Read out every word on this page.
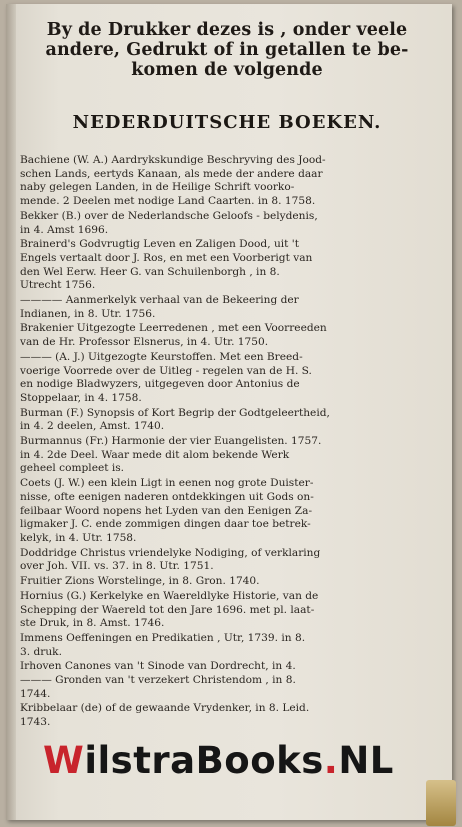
By de Drukker dezes is , onder veele
andere, Gedrukt of in getallen te be-
komen de volgende
NEDERDUITSCHE BOEKEN.
Bachiene (W. A.) Aardrykskundige Beschryving des Jood-
schen Lands, eertyds Kanaan, als mede der andere daar
naby gelegen Landen, in de Heilige Schrift voorko-
mende. 2 Deelen met nodige Land Caarten. in 8. 1758.
Bekker (B.) over de Nederlandsche Geloofs - belydenis,
in 4. Amst 1696.
Brainerd's Godvrugtig Leven en Zaligen Dood, uit 't
Engels vertaalt door J. Ros, en met een Voorberigt van
den Wel Eerw. Heer G. van Schuilenborgh , in 8.
Utrecht 1756.
———— Aanmerkelyk verhaal van de Bekeering der
Indianen, in 8. Utr. 1756.
Brakenier Uitgezogte Leerredenen , met een Voorreeden
van de Hr. Professor Elsnerus, in 4. Utr. 1750.
——— (A. J.) Uitgezogte Keurstoffen. Met een Breed-
voerige Voorrede over de Uitleg - regelen van de H. S.
en nodige Bladwyzers, uitgegeven door Antonius de
Stoppelaar, in 4. 1758.
Burman (F.) Synopsis of Kort Begrip der Godtgeleertheid,
in 4. 2 deelen, Amst. 1740.
Burmannus (Fr.) Harmonie der vier Euangelisten. 1757.
in 4. 2de Deel. Waar mede dit alom bekende Werk
geheel compleet is.
Coets (J. W.) een klein Ligt in eenen nog grote Duister-
nisse, ofte eenigen naderen ontdekkingen uit Gods on-
feilbaar Woord nopens het Lyden van den Eenigen Za-
ligmaker J. C. ende zommigen dingen daar toe betrek-
kelyk, in 4. Utr. 1758.
Doddridge Christus vriendelyke Nodiging, of verklaring
over Joh. VII. vs. 37. in 8. Utr. 1751.
Fruitier Zions Worstelinge, in 8. Gron. 1740.
Hornius (G.) Kerkelyke en Waereldlyke Historie, van de
Schepping der Waereld tot den Jare 1696. met pl. laat-
ste Druk, in 8. Amst. 1746.
Immens Oeffeningen en Predikatien , Utr, 1739. in 8.
3. druk.
Irhoven Canones van 't Sinode van Dordrecht, in 4.
——— Gronden van 't verzekert Christendom , in 8.
1744.
Kribbelaar (de) of de gewaande Vrydenker, in 8. Leid.
1743.
WilstraBooks.NL
